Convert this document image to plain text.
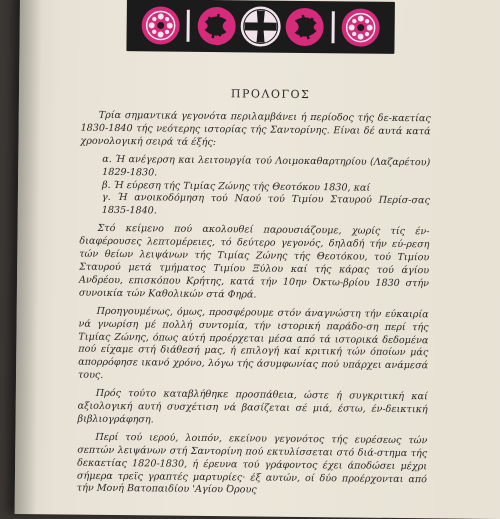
ΠΡΟΛΟΓΟΣ

Τρία σημαντικά γεγονότα περιλαμβάνει ή περίοδος τής δε-καετίας 1830-1840 τής νεότερης ιστορίας τής Σαντορίνης. Είναι δέ αυτά κατά χρονολογική σειρά τά έξής:

α. Ή ανέγερση και λειτουργία τού Λοιμοκαθαρτηρίου (Λαζαρέτου) 1829-1830.

β. Ή εύρεση τής Τιμίας Ζώνης τής Θεοτόκου 1830, καί

γ. Ή ανοικοδόμηση τού Ναού τού Τιμίου Σταυρού Περίσ-σας 1835-1840.

Στό κείμενο πού ακολουθεί παρουσιάζουμε, χωρίς τίς έν-διαφέρουσες λεπτομέρειες, τό δεύτερο γεγονός, δηλαδή τήν εύ-ρεση τών θείων λειψάνων τής Τιμίας Ζώνης τής Θεοτόκου, τού Τιμίου Σταυρού μετά τμήματος Τιμίου Ξύλου καί τής κάρας τού άγίου Ανδρέου, επισκόπου Κρήτης, κατά τήν 10ην Όκτω-βρίου 1830 στήν συνοικία τών Καθολικών στά Φηρά.

Προηγουμένως, όμως, προσφέρουμε στόν άναγνώστη τήν εύκαιρία νά γνωρίση μέ πολλή συντομία, τήν ιστορική παράδο-ση περί τής Τιμίας Ζώνης, όπως αύτή προέρχεται μέσα από τά ιστορικά δεδομένα πού είχαμε στή διάθεσή μας, ή επιλογή καί κριτική τών όποίων μάς απορρόφησε ικανό χρόνο, λόγω τής άσυμφωνίας πού υπάρχει ανάμεσά τους.

Πρός τούτο καταβλήθηκε προσπάθεια, ώστε ή συγκριτική καί αξιολογική αυτή συσχέτιση νά βασίζεται σέ μιά, έστω, έν-δεικτική βιβλιογράφηση.

Περί τού ιερού, λοιπόν, εκείνου γεγονότος τής ευρέσεως τών σεπτών λειψάνων στή Σαντορίνη πού εκτυλίσσεται στό διά-στημα τής δεκαετίας 1820-1830, ή έρευνα τού γράφοντος έχει άποδώσει μέχρι σήμερα τρεϊς γραπτές μαρτυρίες· έξ αυτών, οί δύο προέρχονται από τήν Μονή Βατοπαιδίου 'Αγίου Όρους
